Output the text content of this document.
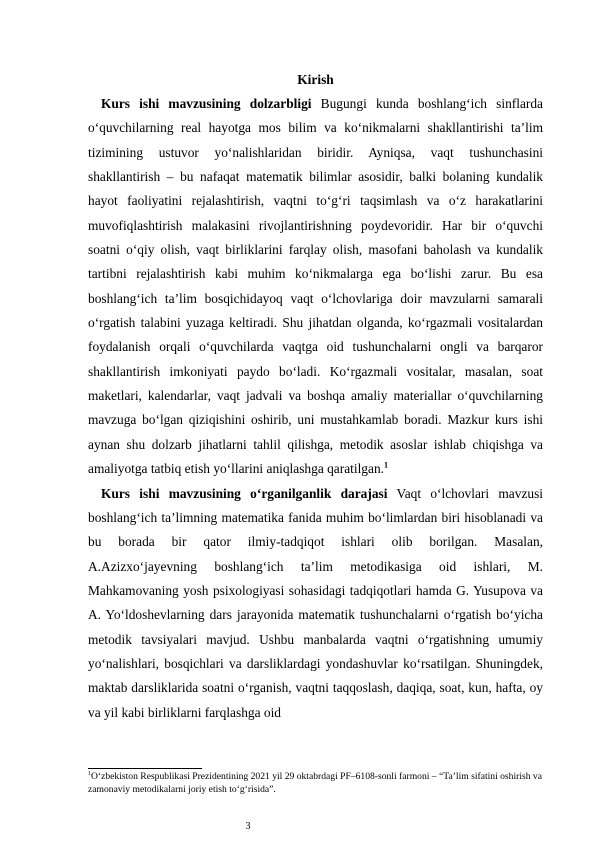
Kirish

Kurs ishi mavzusining dolzarbligi Bugungi kunda boshlang‘ich sinflarda o‘quvchilarning real hayotga mos bilim va ko‘nikmalarni shakllantirishi ta’lim tizimining ustuvor yo‘nalishlaridan biridir. Ayniqsa, vaqt tushunchasini shakllantirish – bu nafaqat matematik bilimlar asosidir, balki bolaning kundalik hayot faoliyatini rejalashtirish, vaqtni to‘g‘ri taqsimlash va o‘z harakatlarini muvofiqlashtirish malakasini rivojlantirishning poydevoridir. Har bir o‘quvchi soatni o‘qiy olish, vaqt birliklarini farqlay olish, masofani baholash va kundalik tartibni rejalashtirish kabi muhim ko‘nikmalarga ega bo‘lishi zarur. Bu esa boshlang‘ich ta’lim bosqichidayoq vaqt o‘lchovlariga doir mavzularni samarali o‘rgatish talabini yuzaga keltiradi. Shu jihatdan olganda, ko‘rgazmali vositalardan foydalanish orqali o‘quvchilarda vaqtga oid tushunchalarni ongli va barqaror shakllantirish imkoniyati paydo bo‘ladi. Ko‘rgazmali vositalar, masalan, soat maketlari, kalendarlar, vaqt jadvali va boshqa amaliy materiallar o‘quvchilarning mavzuga bo‘lgan qiziqishini oshirib, uni mustahkamlab boradi. Mazkur kurs ishi aynan shu dolzarb jihatlarni tahlil qilishga, metodik asoslar ishlab chiqishga va amaliyotga tatbiq etish yo‘llarini aniqlashga qaratilgan.$^1$

Kurs ishi mavzusining o‘rganilganlik darajasi Vaqt o‘lchovlari mavzusi boshlang‘ich ta’limning matematika fanida muhim bo‘limlardan biri hisoblanadi va bu borada bir qator ilmiy-tadqiqot ishlari olib borilgan. Masalan, A.Azizxo‘jayevning boshlang‘ich ta’lim metodikasiga oid ishlari, M. Mahkamovaning yosh psixologiyasi sohasidagi tadqiqotlari hamda G. Yusupova va A. Yo‘ldoshevlarning dars jarayonida matematik tushunchalarni o‘rgatish bo‘yicha metodik tavsiyalari mavjud. Ushbu manbalarda vaqtni o‘rgatishning umumiy yo‘nalishlari, bosqichlari va darsliklardagi yondashuvlar ko‘rsatilgan. Shuningdek, maktab darsliklarida soatni o‘rganish, vaqtni taqqoslash, daqiqa, soat, kun, hafta, oy va yil kabi birliklarni farqlashga oid

$^1$O‘zbekiston Respublikasi Prezidentining 2021 yil 29 oktabrdagi PF–6108-sonli farmoni – “Ta’lim sifatini oshirish va zamonaviy metodikalarni joriy etish to‘g‘risida”.

3
